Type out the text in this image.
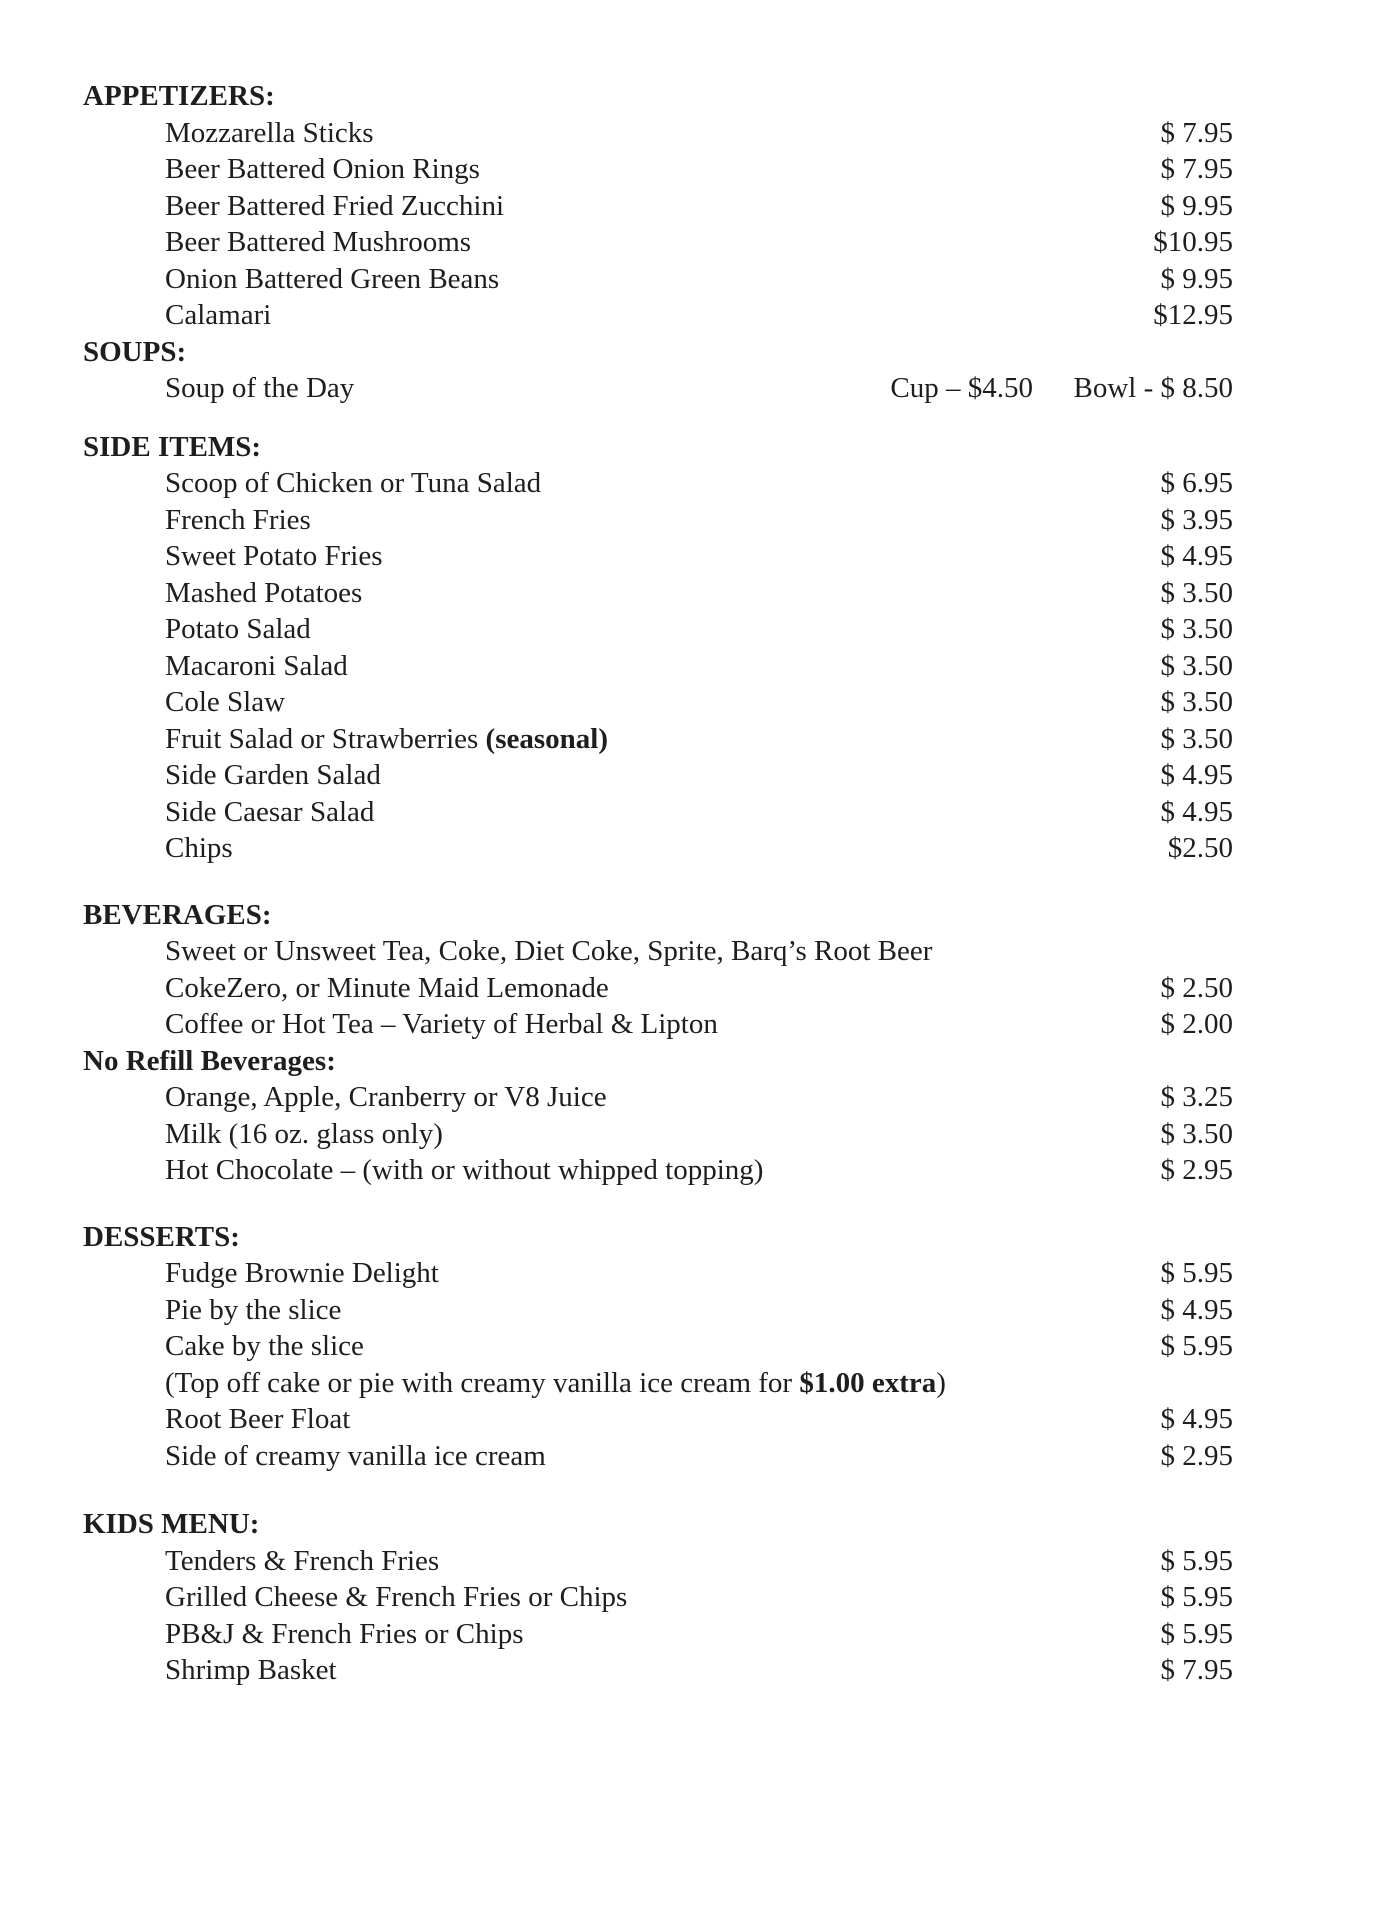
APPETIZERS:
Mozzarella Sticks	$ 7.95
Beer Battered Onion Rings	$ 7.95
Beer Battered Fried Zucchini	$ 9.95
Beer Battered Mushrooms	$10.95
Onion Battered Green Beans	$ 9.95
Calamari	$12.95
SOUPS:
Soup of the Day	Cup – $4.50 Bowl - $ 8.50
SIDE ITEMS:
Scoop of Chicken or Tuna Salad	$ 6.95
French Fries	$ 3.95
Sweet Potato Fries	$ 4.95
Mashed Potatoes	$ 3.50
Potato Salad	$ 3.50
Macaroni Salad	$ 3.50
Cole Slaw	$ 3.50
Fruit Salad or Strawberries (seasonal)	$ 3.50
Side Garden Salad	$ 4.95
Side Caesar Salad	$ 4.95
Chips	$2.50
BEVERAGES:
Sweet or Unsweet Tea, Coke, Diet Coke, Sprite, Barq’s Root Beer
CokeZero, or Minute Maid Lemonade	$ 2.50
Coffee or Hot Tea – Variety of Herbal & Lipton	$ 2.00
No Refill Beverages:
Orange, Apple, Cranberry or V8 Juice	$ 3.25
Milk (16 oz. glass only)	$ 3.50
Hot Chocolate – (with or without whipped topping)	$ 2.95
DESSERTS:
Fudge Brownie Delight	$ 5.95
Pie by the slice	$ 4.95
Cake by the slice	$ 5.95
(Top off cake or pie with creamy vanilla ice cream for $1.00 extra)
Root Beer Float	$ 4.95
Side of creamy vanilla ice cream	$ 2.95
KIDS MENU:
Tenders & French Fries	$ 5.95
Grilled Cheese & French Fries or Chips	$ 5.95
PB&J & French Fries or Chips	$ 5.95
Shrimp Basket	$ 7.95
